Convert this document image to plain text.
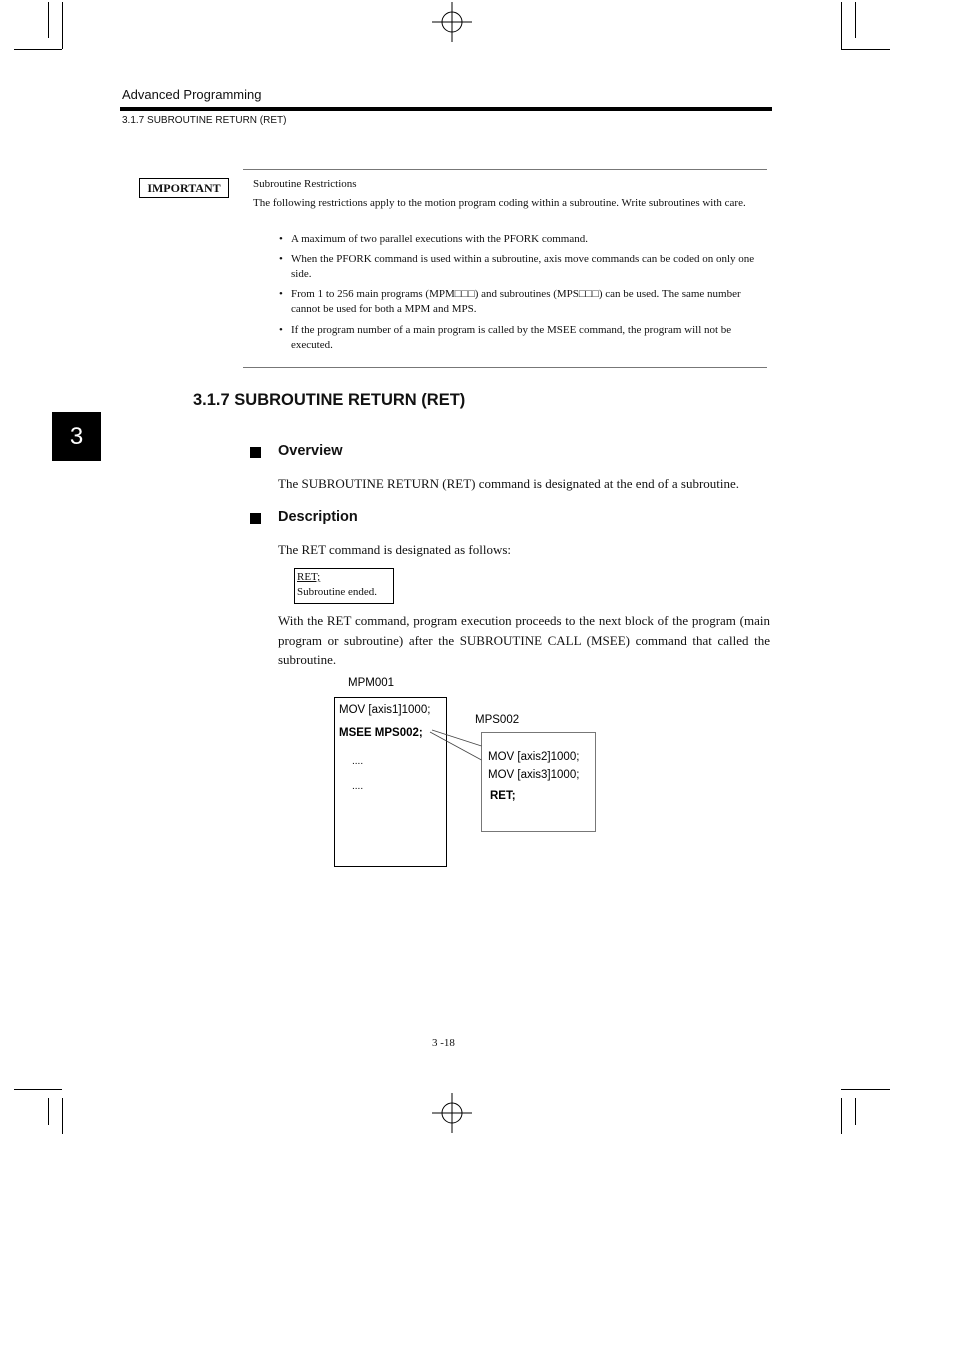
Advanced Programming
3.1.7 SUBROUTINE RETURN (RET)
IMPORTANT	Subroutine Restrictions
The following restrictions apply to the motion program coding within a subroutine. Write subroutines with care.
• A maximum of two parallel executions with the PFORK command.
• When the PFORK command is used within a subroutine, axis move commands can be coded on only one side.
• From 1 to 256 main programs (MPM□□□) and subroutines (MPS□□□) can be used. The same number cannot be used for both a MPM and MPS.
• If the program number of a main program is called by the MSEE command, the program will not be executed.
3.1.7 SUBROUTINE RETURN (RET)
3
Overview
The SUBROUTINE RETURN (RET) command is designated at the end of a subroutine.
Description
The RET command is designated as follows:
RET;
Subroutine ended.
With the RET command, program execution proceeds to the next block of the program (main program or subroutine) after the SUBROUTINE CALL (MSEE) command that called the subroutine.
MPM001
MOV [axis1]1000;
MSEE MPS002;
....
....
MPS002
MOV [axis2]1000;
MOV [axis3]1000;
RET;
3 -18
